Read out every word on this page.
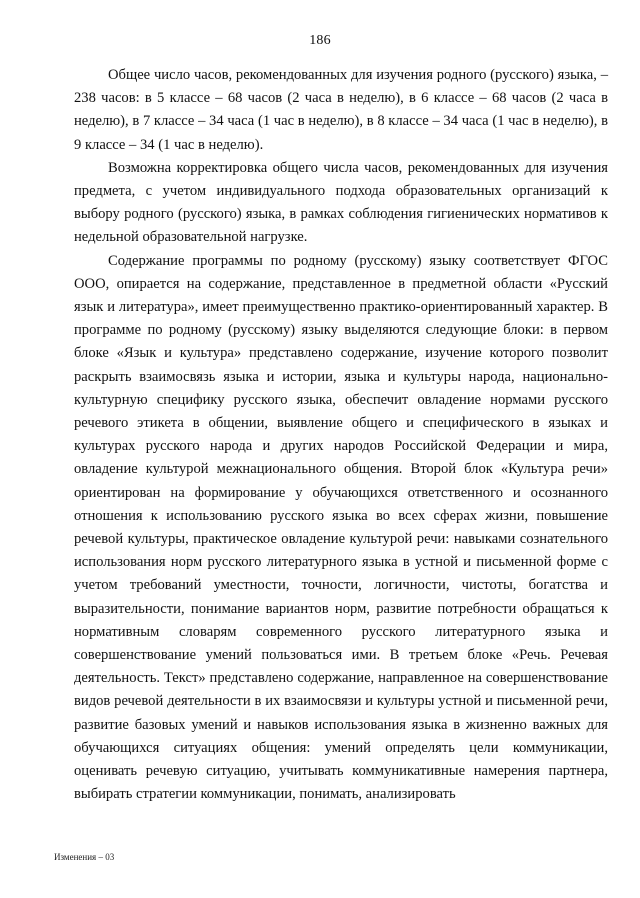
186

Общее число часов, рекомендованных для изучения родного (русского) языка, – 238 часов: в 5 классе – 68 часов (2 часа в неделю), в 6 классе – 68 часов (2 часа в неделю), в 7 классе – 34 часа (1 час в неделю), в 8 классе – 34 часа (1 час в неделю), в 9 классе – 34 (1 час в неделю).

Возможна корректировка общего числа часов, рекомендованных для изучения предмета, с учетом индивидуального подхода образовательных организаций к выбору родного (русского) языка, в рамках соблюдения гигиенических нормативов к недельной образовательной нагрузке.

Содержание программы по родному (русскому) языку соответствует ФГОС ООО, опирается на содержание, представленное в предметной области «Русский язык и литература», имеет преимущественно практико-ориентированный характер. В программе по родному (русскому) языку выделяются следующие блоки: в первом блоке «Язык и культура» представлено содержание, изучение которого позволит раскрыть взаимосвязь языка и истории, языка и культуры народа, национально-культурную специфику русского языка, обеспечит овладение нормами русского речевого этикета в общении, выявление общего и специфического в языках и культурах русского народа и других народов Российской Федерации и мира, овладение культурой межнационального общения. Второй блок «Культура речи» ориентирован на формирование у обучающихся ответственного и осознанного отношения к использованию русского языка во всех сферах жизни, повышение речевой культуры, практическое овладение культурой речи: навыками сознательного использования норм русского литературного языка в устной и письменной форме с учетом требований уместности, точности, логичности, чистоты, богатства и выразительности, понимание вариантов норм, развитие потребности обращаться к нормативным словарям современного русского литературного языка и совершенствование умений пользоваться ими. В третьем блоке «Речь. Речевая деятельность. Текст» представлено содержание, направленное на совершенствование видов речевой деятельности в их взаимосвязи и культуры устной и письменной речи, развитие базовых умений и навыков использования языка в жизненно важных для обучающихся ситуациях общения: умений определять цели коммуникации, оценивать речевую ситуацию, учитывать коммуникативные намерения партнера, выбирать стратегии коммуникации, понимать, анализировать

Изменения – 03
